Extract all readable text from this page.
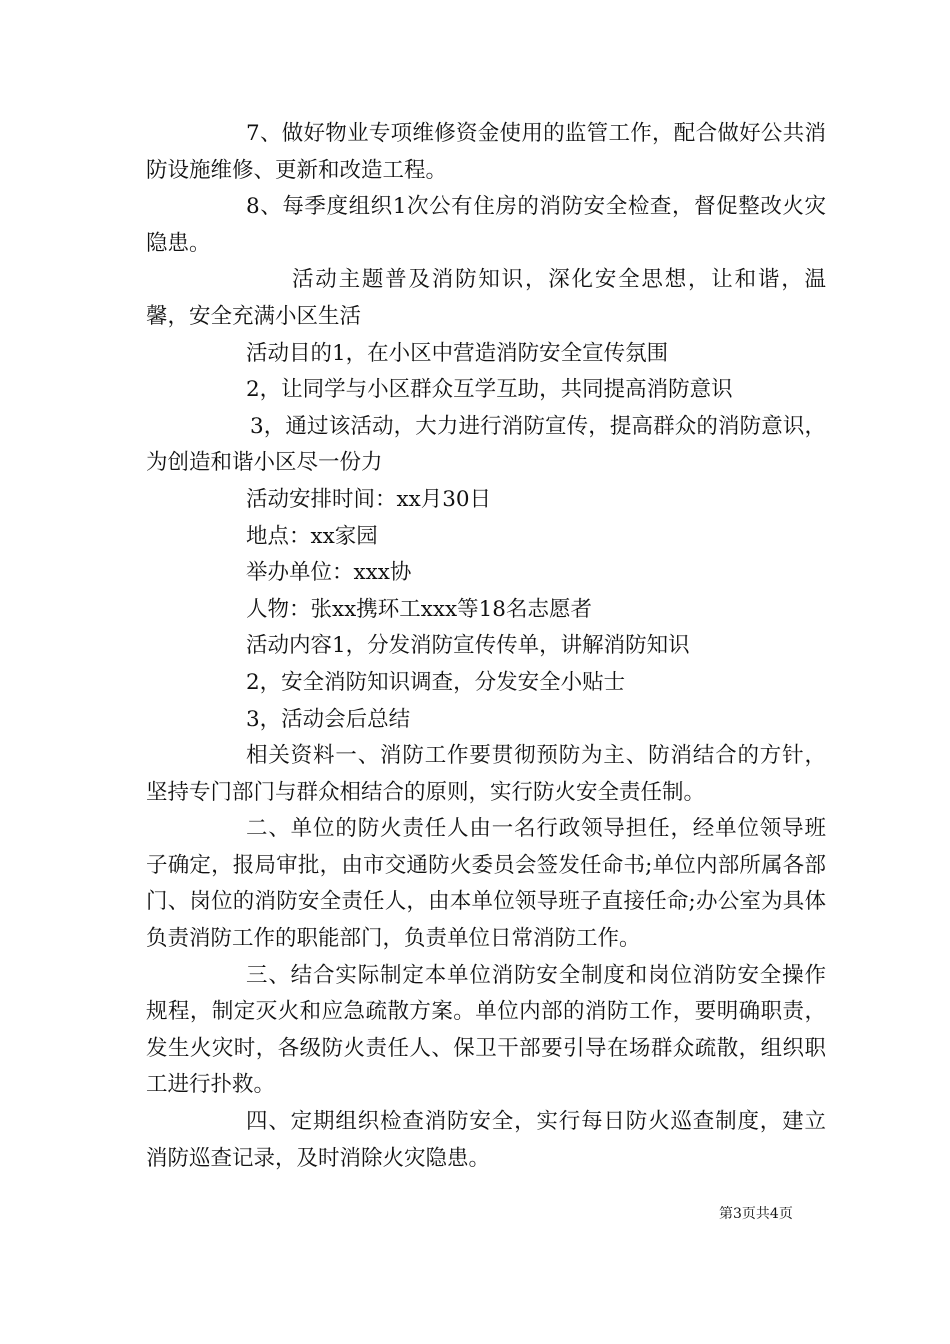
7、做好物业专项维修资金使用的监管工作，配合做好公共消防设施维修、更新和改造工程。

8、每季度组织1次公有住房的消防安全检查，督促整改火灾隐患。

活动主题普及消防知识，深化安全思想，让和谐，温馨，安全充满小区生活

活动目的1，在小区中营造消防安全宣传氛围

2，让同学与小区群众互学互助，共同提高消防意识

3，通过该活动，大力进行消防宣传，提高群众的消防意识，为创造和谐小区尽一份力

活动安排时间：xx月30日

地点：xx家园

举办单位：xxx协

人物：张xx携环工xxx等18名志愿者

活动内容1，分发消防宣传传单，讲解消防知识

2，安全消防知识调查，分发安全小贴士

3，活动会后总结

相关资料一、消防工作要贯彻预防为主、防消结合的方针，坚持专门部门与群众相结合的原则，实行防火安全责任制。

二、单位的防火责任人由一名行政领导担任，经单位领导班子确定，报局审批，由市交通防火委员会签发任命书;单位内部所属各部门、岗位的消防安全责任人，由本单位领导班子直接任命;办公室为具体负责消防工作的职能部门，负责单位日常消防工作。

三、结合实际制定本单位消防安全制度和岗位消防安全操作规程，制定灭火和应急疏散方案。单位内部的消防工作，要明确职责，发生火灾时，各级防火责任人、保卫干部要引导在场群众疏散，组织职工进行扑救。

四、定期组织检查消防安全，实行每日防火巡查制度，建立消防巡查记录，及时消除火灾隐患。

第3页共4页
